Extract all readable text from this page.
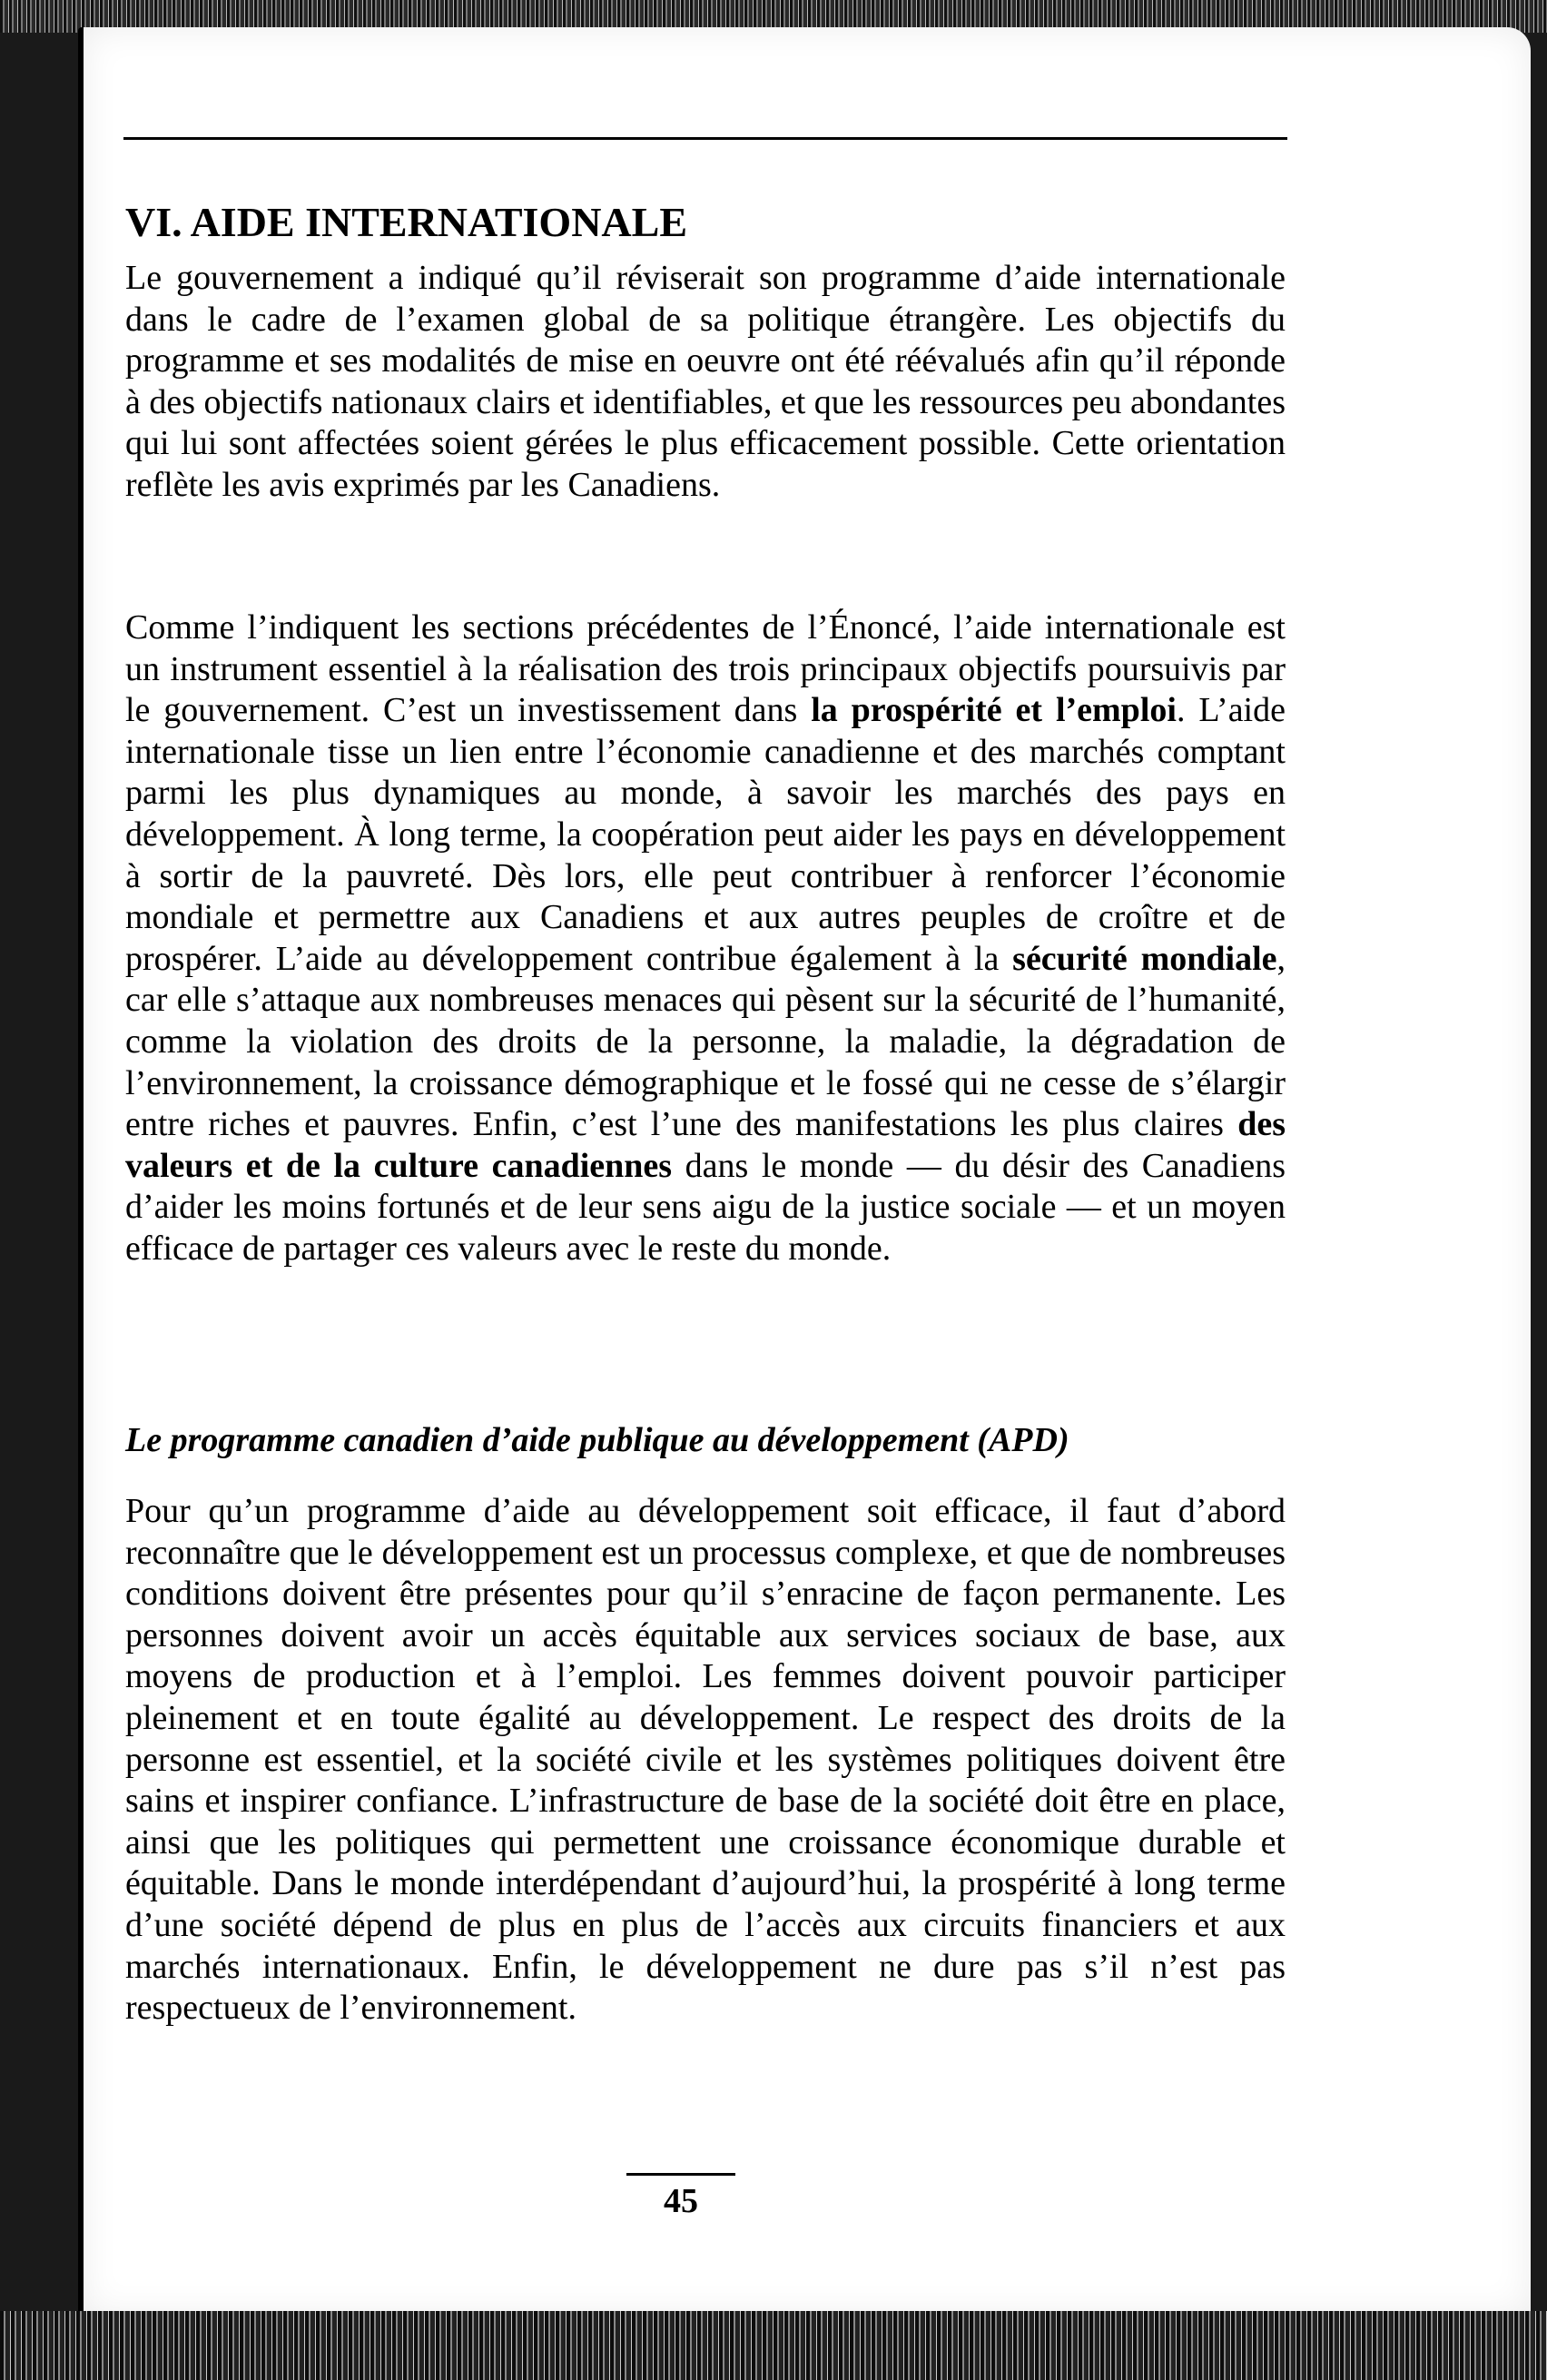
VI. AIDE INTERNATIONALE

Le gouvernement a indiqué qu’il réviserait son programme d’aide internationale dans le cadre de l’examen global de sa politique étrangère. Les objectifs du programme et ses modalités de mise en oeuvre ont été réévalués afin qu’il réponde à des objectifs nationaux clairs et identifiables, et que les ressources peu abondantes qui lui sont affectées soient gérées le plus efficacement possible. Cette orientation reflète les avis exprimés par les Canadiens.

Comme l’indiquent les sections précédentes de l’Énoncé, l’aide internationale est un instrument essentiel à la réalisation des trois principaux objectifs poursuivis par le gouvernement. C’est un investissement dans la prospérité et l’emploi. L’aide internationale tisse un lien entre l’économie canadienne et des marchés comptant parmi les plus dynamiques au monde, à savoir les marchés des pays en développement. À long terme, la coopération peut aider les pays en développement à sortir de la pauvreté. Dès lors, elle peut contribuer à renforcer l’économie mondiale et permettre aux Canadiens et aux autres peuples de croître et de prospérer. L’aide au développement contribue également à la sécurité mondiale, car elle s’attaque aux nombreuses menaces qui pèsent sur la sécurité de l’humanité, comme la violation des droits de la personne, la maladie, la dégradation de l’environnement, la croissance démographique et le fossé qui ne cesse de s’élargir entre riches et pauvres. Enfin, c’est l’une des manifestations les plus claires des valeurs et de la culture canadiennes dans le monde — du désir des Canadiens d’aider les moins fortunés et de leur sens aigu de la justice sociale — et un moyen efficace de partager ces valeurs avec le reste du monde.

Le programme canadien d’aide publique au développement (APD)

Pour qu’un programme d’aide au développement soit efficace, il faut d’abord reconnaître que le développement est un processus complexe, et que de nombreuses conditions doivent être présentes pour qu’il s’enracine de façon permanente. Les personnes doivent avoir un accès équitable aux services sociaux de base, aux moyens de production et à l’emploi. Les femmes doivent pouvoir participer pleinement et en toute égalité au développement. Le respect des droits de la personne est essentiel, et la société civile et les systèmes politiques doivent être sains et inspirer confiance. L’infrastructure de base de la société doit être en place, ainsi que les politiques qui permettent une croissance économique durable et équitable. Dans le monde interdépendant d’aujourd’hui, la prospérité à long terme d’une société dépend de plus en plus de l’accès aux circuits financiers et aux marchés internationaux. Enfin, le développement ne dure pas s’il n’est pas respectueux de l’environnement.

45
